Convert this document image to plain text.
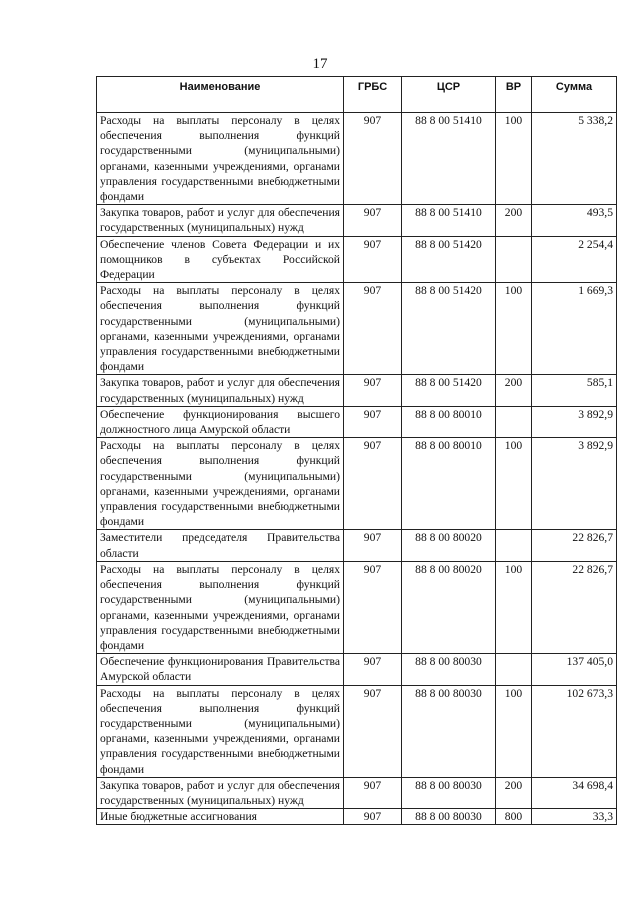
17
Наименование	ГРБС	ЦСР	ВР	Сумма
Расходы на выплаты персоналу в целях обеспечения выполнения функций государственными (муниципальными) органами, казенными учреждениями, органами управления государственными внебюджетными фондами	907	88 8 00 51410	100	5 338,2
Закупка товаров, работ и услуг для обеспечения государственных (муниципальных) нужд	907	88 8 00 51410	200	493,5
Обеспечение членов Совета Федерации и их помощников в субъектах Российской Федерации	907	88 8 00 51420		2 254,4
Расходы на выплаты персоналу в целях обеспечения выполнения функций государственными (муниципальными) органами, казенными учреждениями, органами управления государственными внебюджетными фондами	907	88 8 00 51420	100	1 669,3
Закупка товаров, работ и услуг для обеспечения государственных (муниципальных) нужд	907	88 8 00 51420	200	585,1
Обеспечение функционирования высшего должностного лица Амурской области	907	88 8 00 80010		3 892,9
Расходы на выплаты персоналу в целях обеспечения выполнения функций государственными (муниципальными) органами, казенными учреждениями, органами управления государственными внебюджетными фондами	907	88 8 00 80010	100	3 892,9
Заместители председателя Правительства области	907	88 8 00 80020		22 826,7
Расходы на выплаты персоналу в целях обеспечения выполнения функций государственными (муниципальными) органами, казенными учреждениями, органами управления государственными внебюджетными фондами	907	88 8 00 80020	100	22 826,7
Обеспечение функционирования Правительства Амурской области	907	88 8 00 80030		137 405,0
Расходы на выплаты персоналу в целях обеспечения выполнения функций государственными (муниципальными) органами, казенными учреждениями, органами управления государственными внебюджетными фондами	907	88 8 00 80030	100	102 673,3
Закупка товаров, работ и услуг для обеспечения государственных (муниципальных) нужд	907	88 8 00 80030	200	34 698,4
Иные бюджетные ассигнования	907	88 8 00 80030	800	33,3
